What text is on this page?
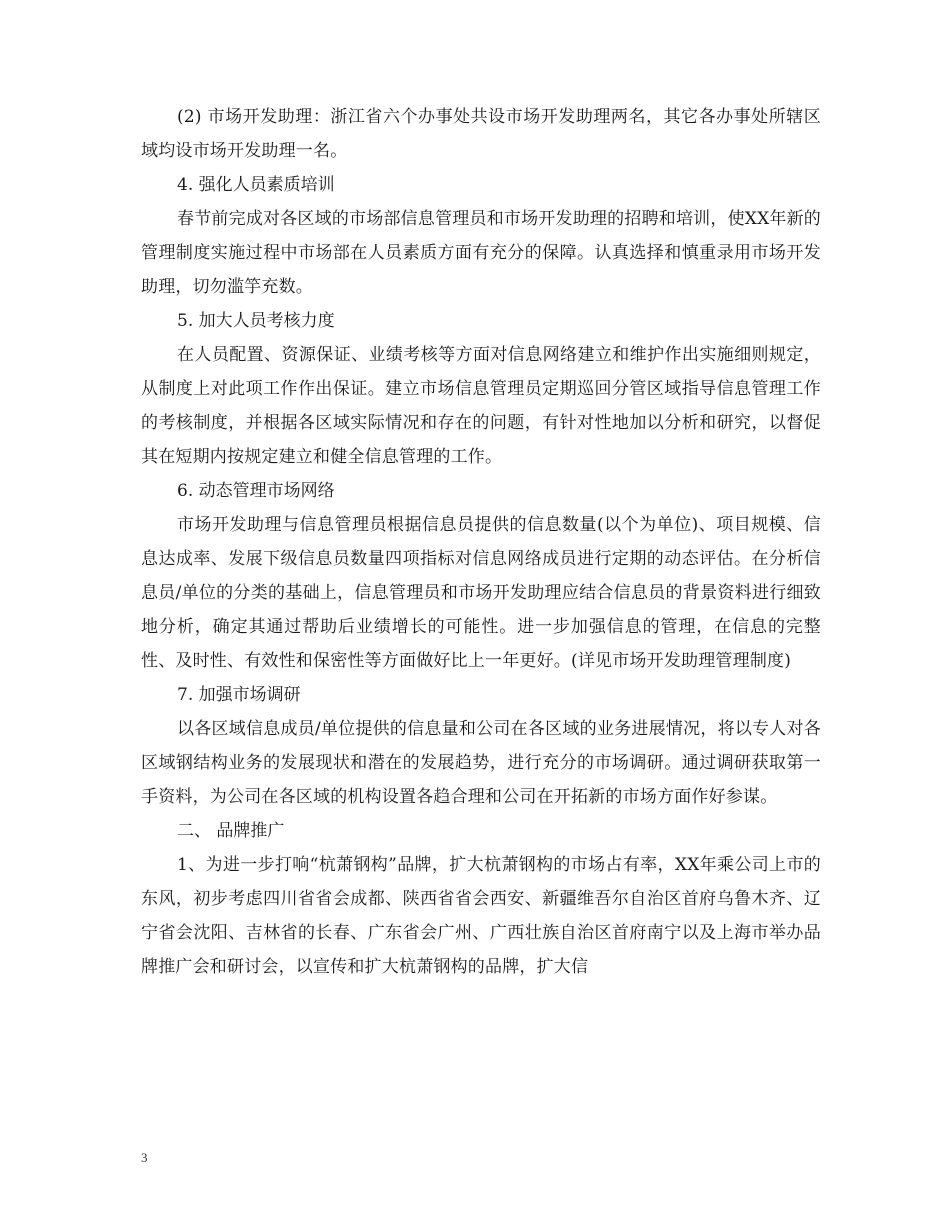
(2) 市场开发助理：浙江省六个办事处共设市场开发助理两名，其它各办事处所辖区域均设市场开发助理一名。

4. 强化人员素质培训

春节前完成对各区域的市场部信息管理员和市场开发助理的招聘和培训，使XX年新的管理制度实施过程中市场部在人员素质方面有充分的保障。认真选择和慎重录用市场开发助理，切勿滥竽充数。

5. 加大人员考核力度

在人员配置、资源保证、业绩考核等方面对信息网络建立和维护作出实施细则规定，从制度上对此项工作作出保证。建立市场信息管理员定期巡回分管区域指导信息管理工作的考核制度，并根据各区域实际情况和存在的问题，有针对性地加以分析和研究，以督促其在短期内按规定建立和健全信息管理的工作。

6. 动态管理市场网络

市场开发助理与信息管理员根据信息员提供的信息数量(以个为单位)、项目规模、信息达成率、发展下级信息员数量四项指标对信息网络成员进行定期的动态评估。在分析信息员/单位的分类的基础上，信息管理员和市场开发助理应结合信息员的背景资料进行细致地分析，确定其通过帮助后业绩增长的可能性。进一步加强信息的管理，在信息的完整性、及时性、有效性和保密性等方面做好比上一年更好。(详见市场开发助理管理制度)

7. 加强市场调研

以各区域信息成员/单位提供的信息量和公司在各区域的业务进展情况，将以专人对各区域钢结构业务的发展现状和潜在的发展趋势，进行充分的市场调研。通过调研获取第一手资料，为公司在各区域的机构设置各趋合理和公司在开拓新的市场方面作好参谋。

二、 品牌推广

1、为进一步打响“杭萧钢构”品牌，扩大杭萧钢构的市场占有率，XX年乘公司上市的东风，初步考虑四川省省会成都、陕西省省会西安、新疆维吾尔自治区首府乌鲁木齐、辽宁省会沈阳、吉林省的长春、广东省会广州、广西壮族自治区首府南宁以及上海市举办品牌推广会和研讨会，以宣传和扩大杭萧钢构的品牌，扩大信

3
